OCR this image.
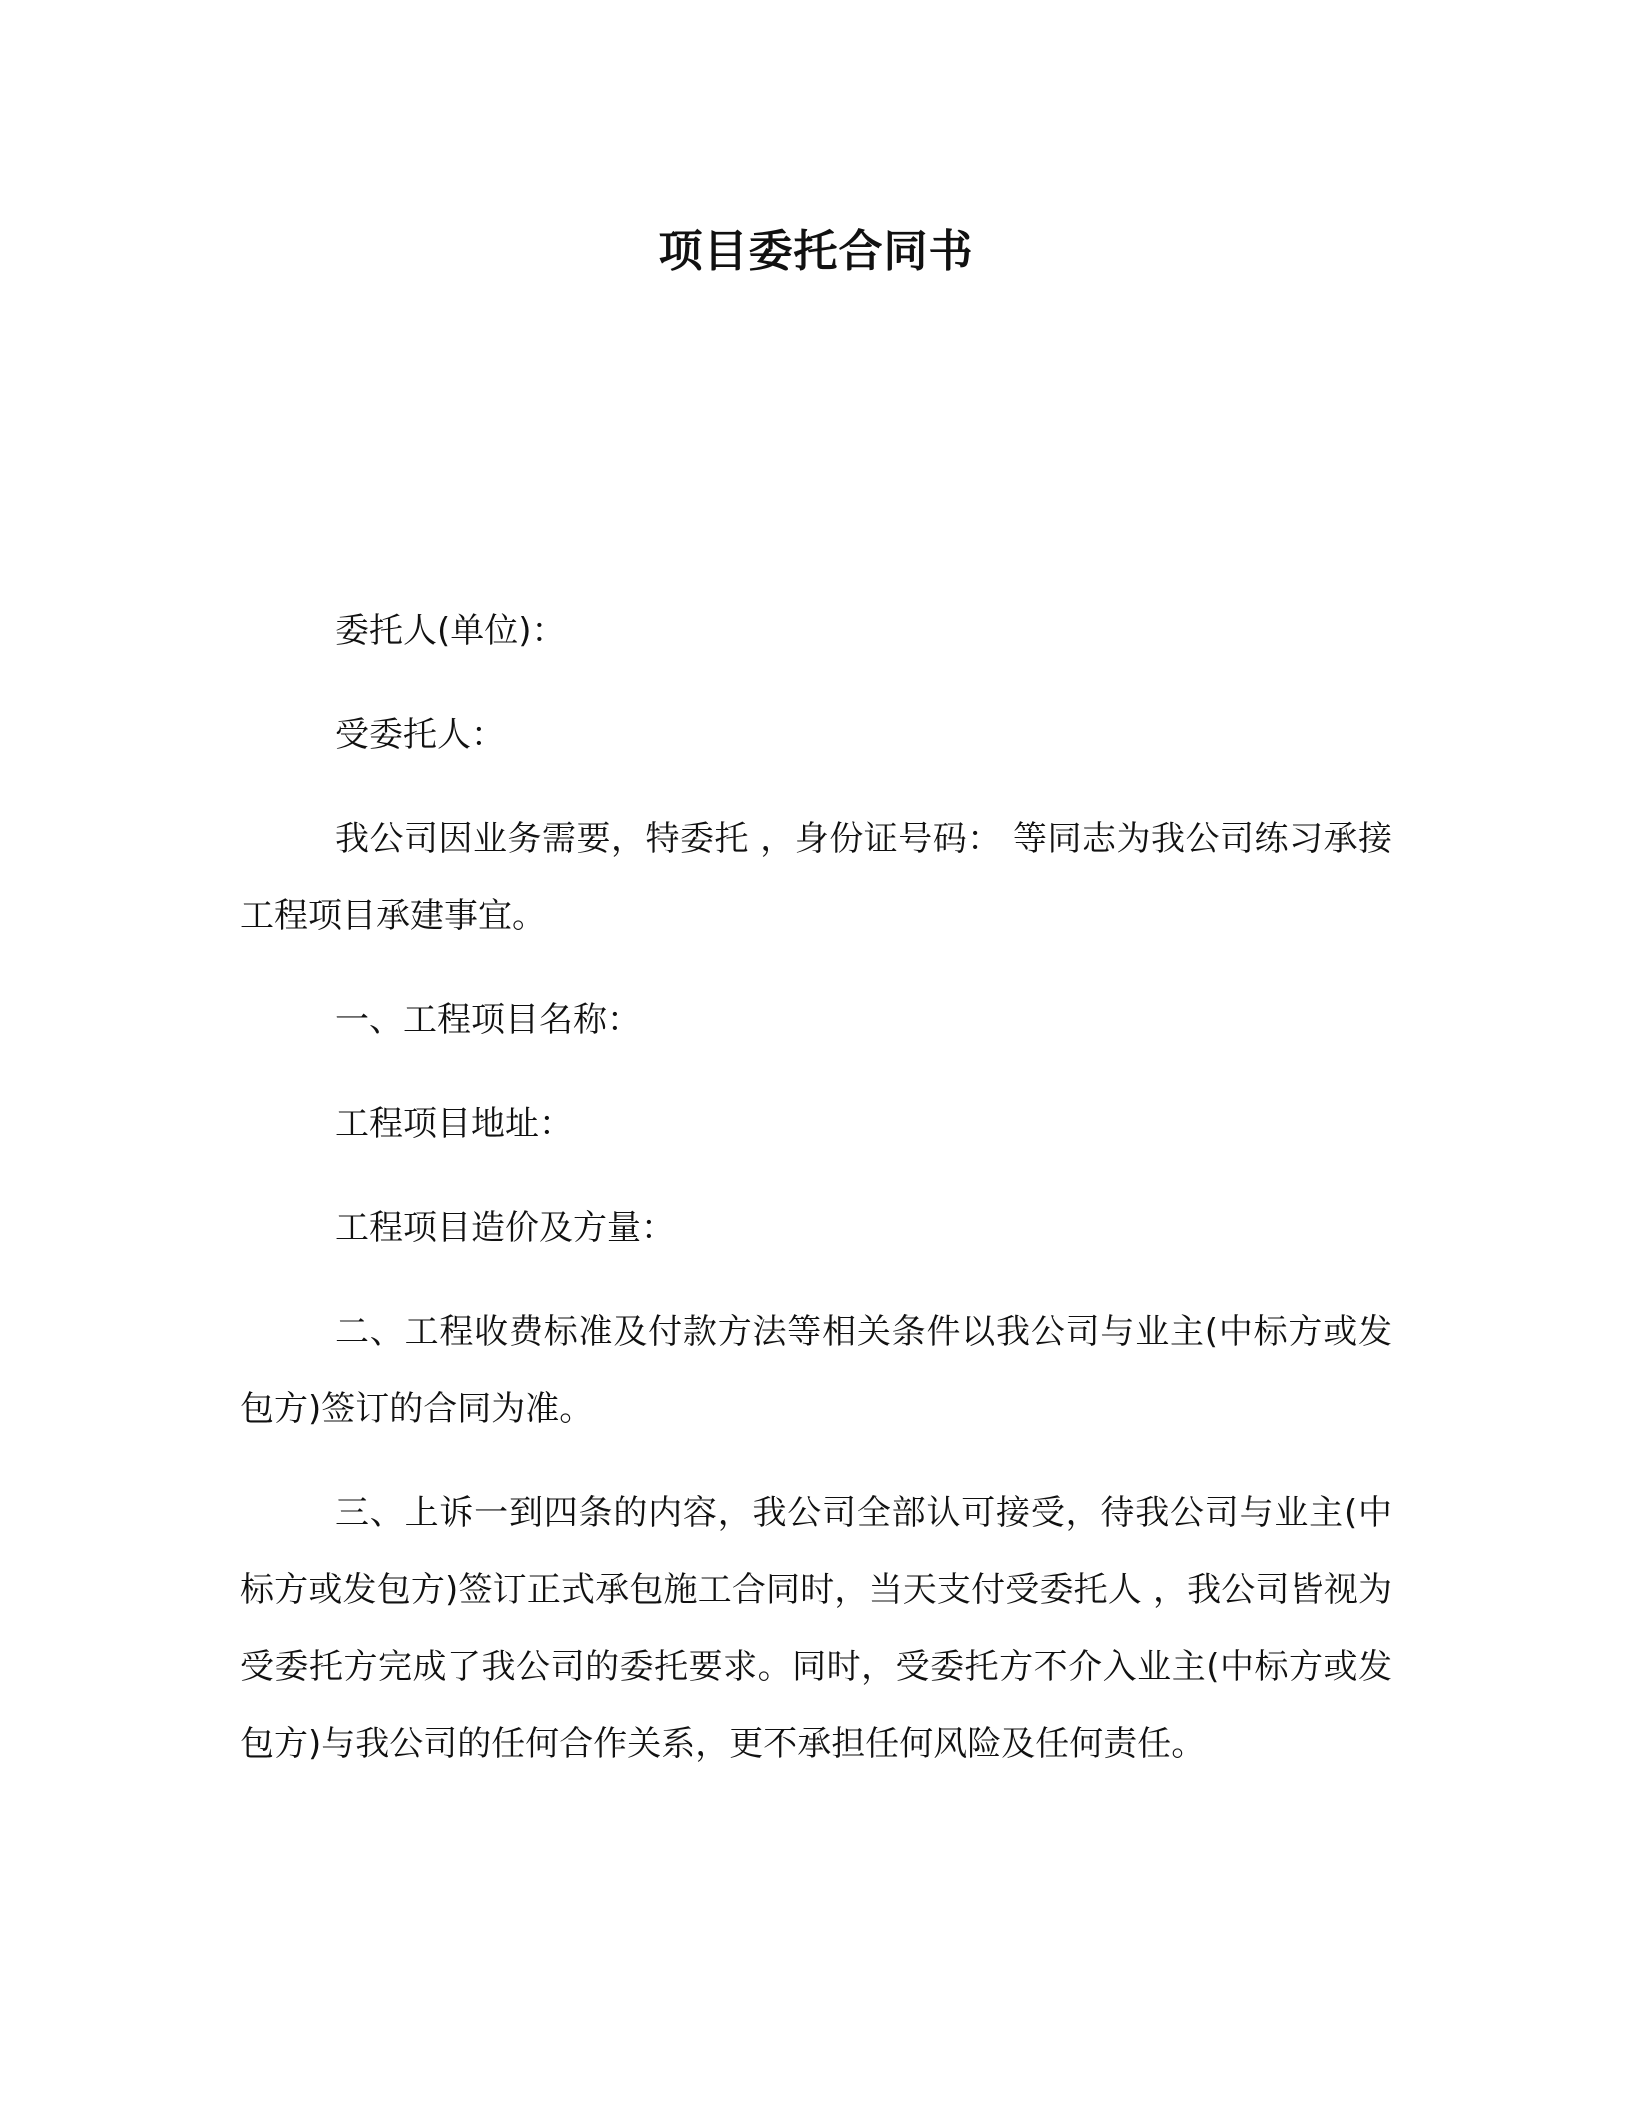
项目委托合同书

委托人(单位)：

受委托人：

我公司因业务需要，特委托 ，身份证号码： 等同志为我公司练习承接工程项目承建事宜。

一、工程项目名称：

工程项目地址：

工程项目造价及方量：

二、工程收费标准及付款方法等相关条件以我公司与业主(中标方或发包方)签订的合同为准。

三、上诉一到四条的内容，我公司全部认可接受，待我公司与业主(中标方或发包方)签订正式承包施工合同时，当天支付受委托人 ，我公司皆视为受委托方完成了我公司的委托要求。同时，受委托方不介入业主(中标方或发包方)与我公司的任何合作关系，更不承担任何风险及任何责任。
